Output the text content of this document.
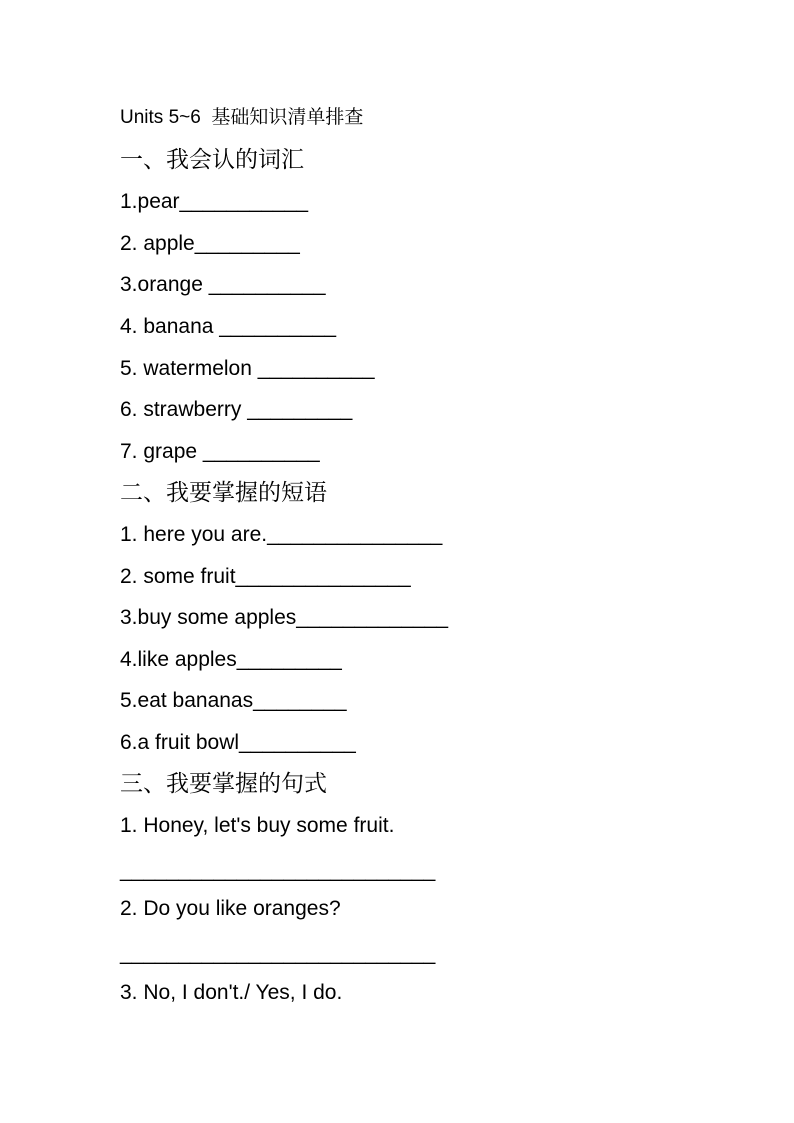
Units 5~6  基础知识清单排查
一、我会认的词汇
1.pear___________
2. apple_________
3.orange __________
4. banana __________
5. watermelon __________
6. strawberry _________
7. grape __________
二、我要掌握的短语
1. here you are._______________
2. some fruit_______________
3.buy some apples_____________
4.like apples_________
5.eat bananas________
6.a fruit bowl__________
三、我要掌握的句式
1. Honey, let's buy some fruit.
___________________________
2. Do you like oranges?
___________________________
3. No, I don't./ Yes, I do.
